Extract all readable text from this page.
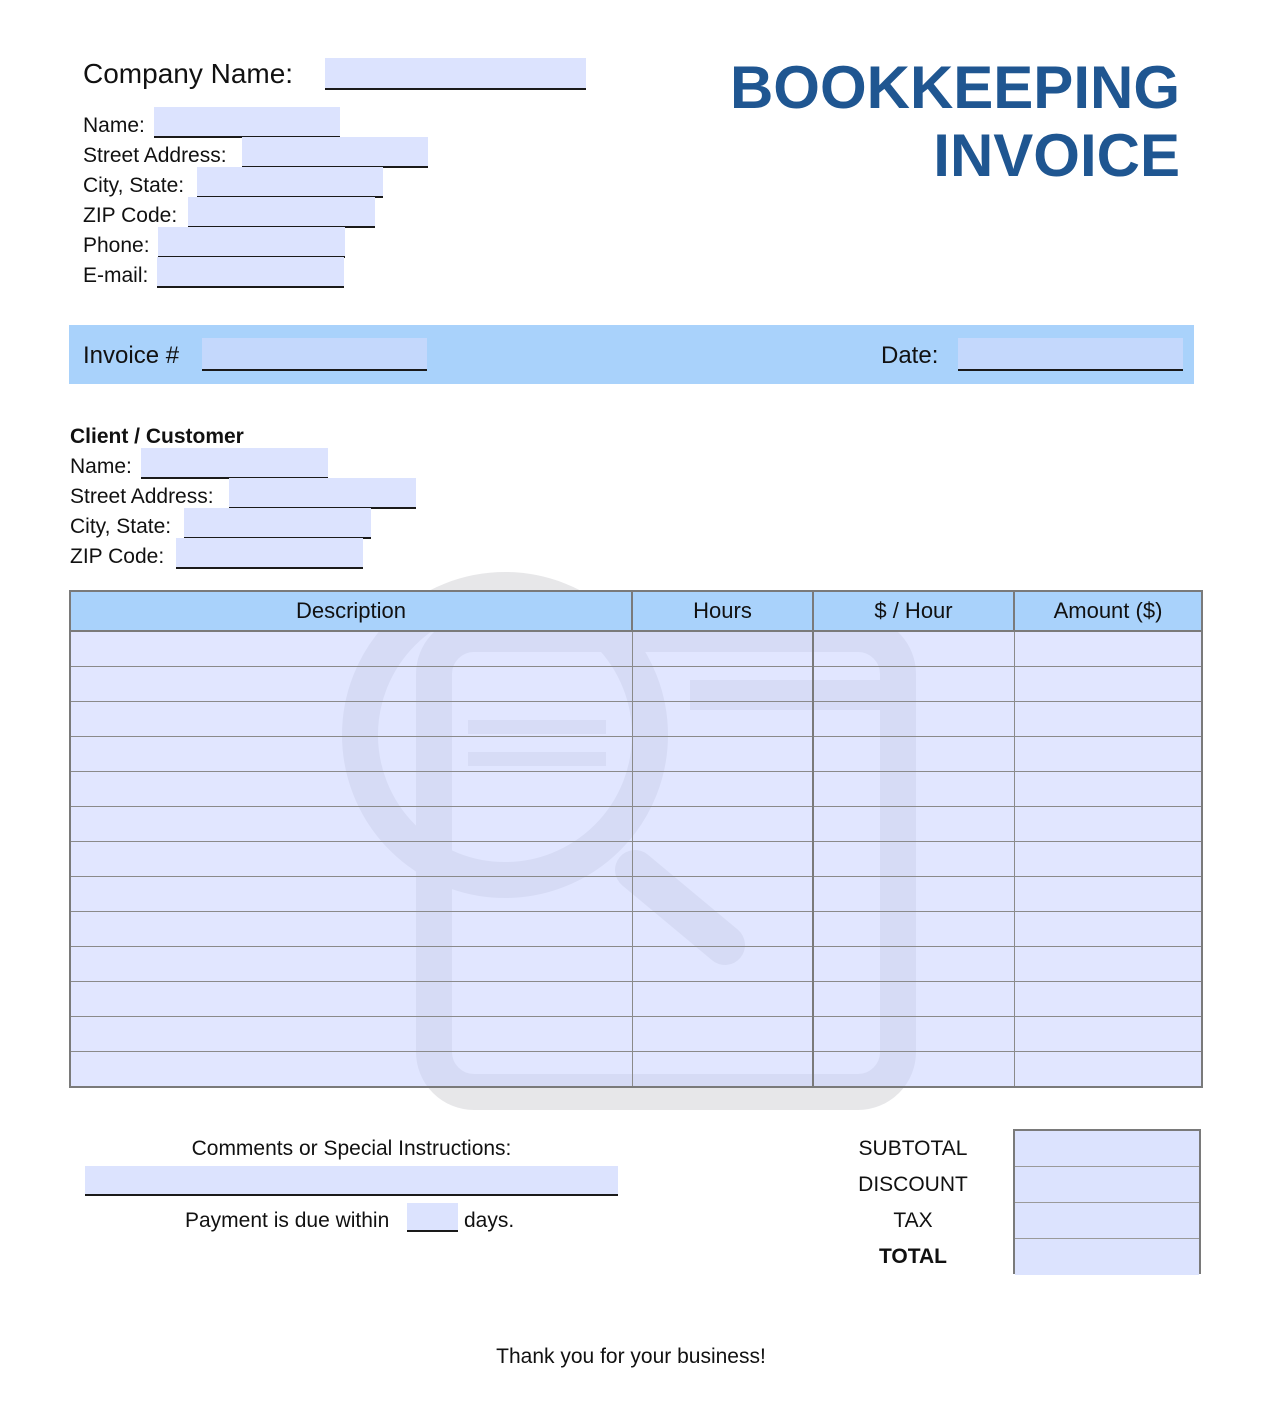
Company Name:
Name:
Street Address:
City, State:
ZIP Code:
Phone:
E-mail:
BOOKKEEPING
INVOICE
Invoice #	Date:
Client / Customer
Name:
Street Address:
City, State:
ZIP Code:
Description	Hours	$ / Hour	Amount ($)

Comments or Special Instructions:
Payment is due within	days.
SUBTOTAL
DISCOUNT
TAX
TOTAL
Thank you for your business!
